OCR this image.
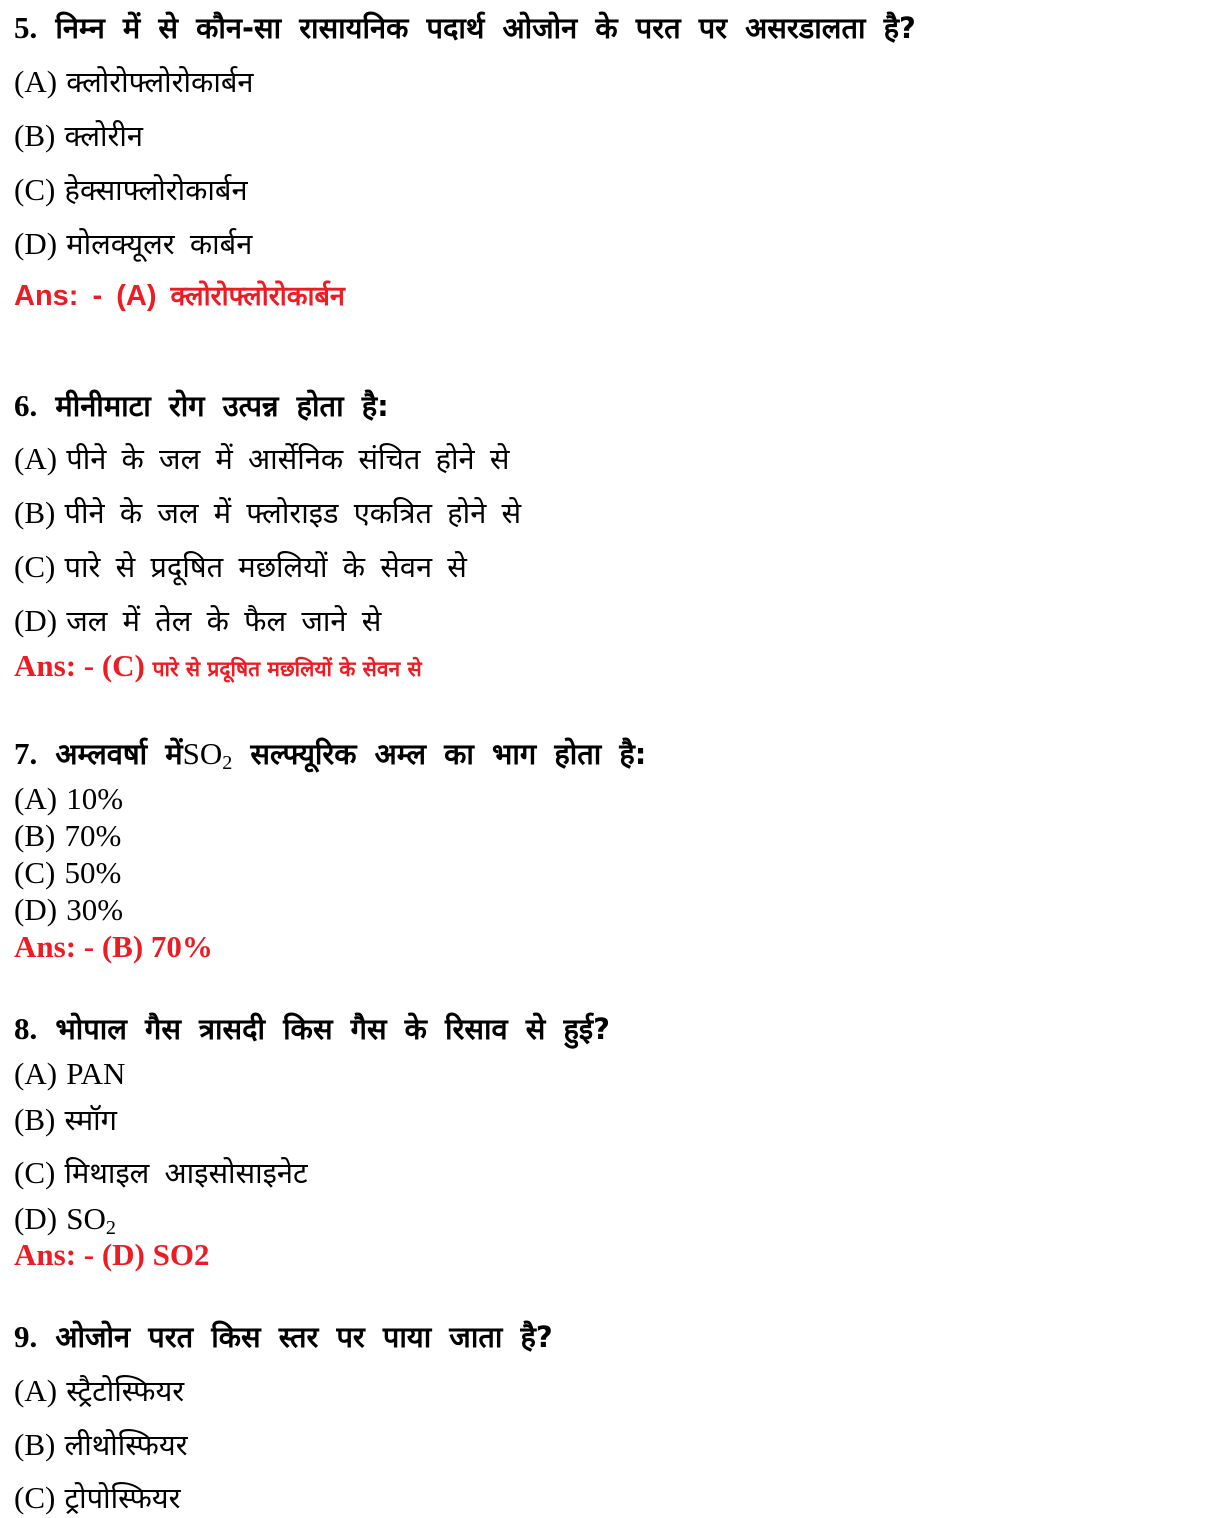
5. निम्न में से कौन-सा रासायनिक पदार्थ ओजोन के परत पर असरडालता है?
(A) क्लोरोफ्लोरोकार्बन
(B) क्लोरीन
(C) हेक्साफ्लोरोकार्बन
(D) मोलक्यूलर कार्बन
Ans: - (A) क्लोरोफ्लोरोकार्बन
6. मीनीमाटा रोग उत्पन्न होता है:
(A) पीने के जल में आर्सेनिक संचित होने से
(B) पीने के जल में फ्लोराइड एकत्रित होने से
(C) पारे से प्रदूषित मछलियों के सेवन से
(D) जल में तेल के फैल जाने से
Ans: - (C) पारे से प्रदूषित मछलियों के सेवन से
7. अम्लवर्षा $मेंSO_2$ सल्फ्यूरिक अम्ल का भाग होता है:
(A) 10%
(B) 70%
(C) 50%
(D) 30%
Ans: - (B) 70%
8. भोपाल गैस त्रासदी किस गैस के रिसाव से हुई?
(A) PAN
(B) स्मॉग
(C) मिथाइल आइसोसाइनेट
(D) $SO_2$
Ans: - (D) SO2
9. ओजोन परत किस स्तर पर पाया जाता है?
(A) स्ट्रैटोस्फियर
(B) लीथोस्फियर
(C) ट्रोपोस्फियर
